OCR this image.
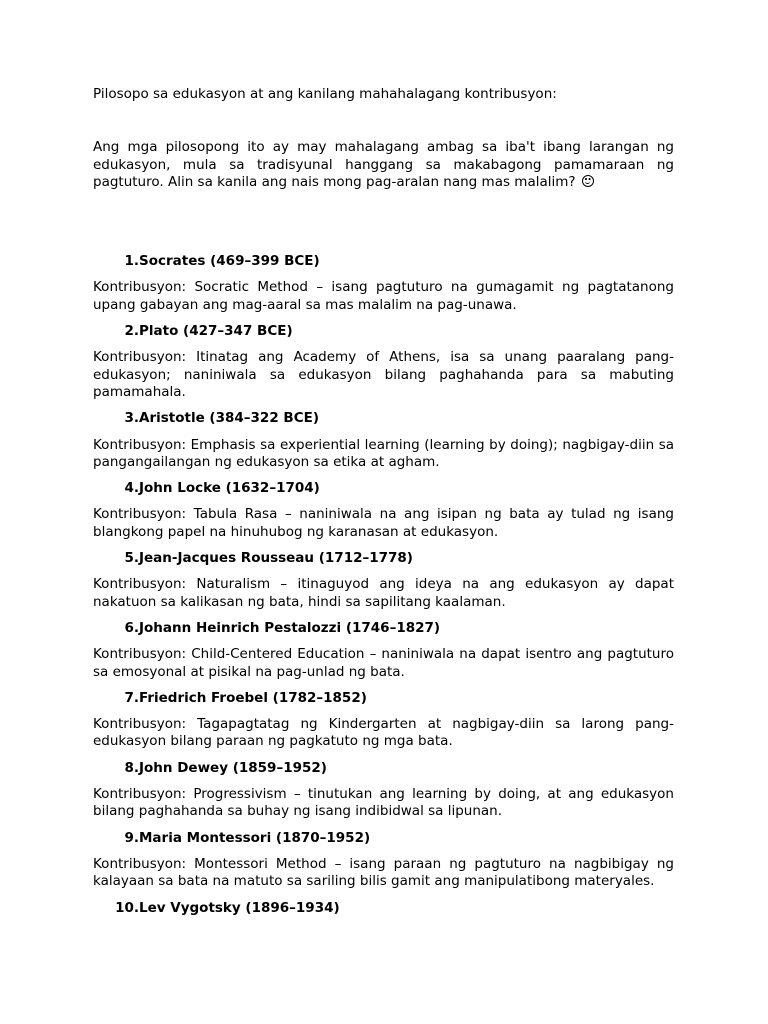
Pilosopo sa edukasyon at ang kanilang mahahalagang kontribusyon:

Ang mga pilosopong ito ay may mahalagang ambag sa iba't ibang larangan ng edukasyon, mula sa tradisyunal hanggang sa makabagong pamamaraan ng pagtuturo. Alin sa kanila ang nais mong pag-aralan nang mas malalim?

1. Socrates (469–399 BCE)

Kontribusyon: Socratic Method – isang pagtuturo na gumagamit ng pagtatanong upang gabayan ang mag-aaral sa mas malalim na pag-unawa.

2. Plato (427–347 BCE)

Kontribusyon: Itinatag ang Academy of Athens, isa sa unang paaralang pang-edukasyon; naniniwala sa edukasyon bilang paghahanda para sa mabuting pamamahala.

3. Aristotle (384–322 BCE)

Kontribusyon: Emphasis sa experiential learning (learning by doing); nagbigay-diin sa pangangailangan ng edukasyon sa etika at agham.

4. John Locke (1632–1704)

Kontribusyon: Tabula Rasa – naniniwala na ang isipan ng bata ay tulad ng isang blangkong papel na hinuhubog ng karanasan at edukasyon.

5. Jean-Jacques Rousseau (1712–1778)

Kontribusyon: Naturalism – itinaguyod ang ideya na ang edukasyon ay dapat nakatuon sa kalikasan ng bata, hindi sa sapilitang kaalaman.

6. Johann Heinrich Pestalozzi (1746–1827)

Kontribusyon: Child-Centered Education – naniniwala na dapat isentro ang pagtuturo sa emosyonal at pisikal na pag-unlad ng bata.

7. Friedrich Froebel (1782–1852)

Kontribusyon: Tagapagtatag ng Kindergarten at nagbigay-diin sa larong pang-edukasyon bilang paraan ng pagkatuto ng mga bata.

8. John Dewey (1859–1952)

Kontribusyon: Progressivism – tinutukan ang learning by doing, at ang edukasyon bilang paghahanda sa buhay ng isang indibidwal sa lipunan.

9. Maria Montessori (1870–1952)

Kontribusyon: Montessori Method – isang paraan ng pagtuturo na nagbibigay ng kalayaan sa bata na matuto sa sariling bilis gamit ang manipulatibong materyales.

10. Lev Vygotsky (1896–1934)
